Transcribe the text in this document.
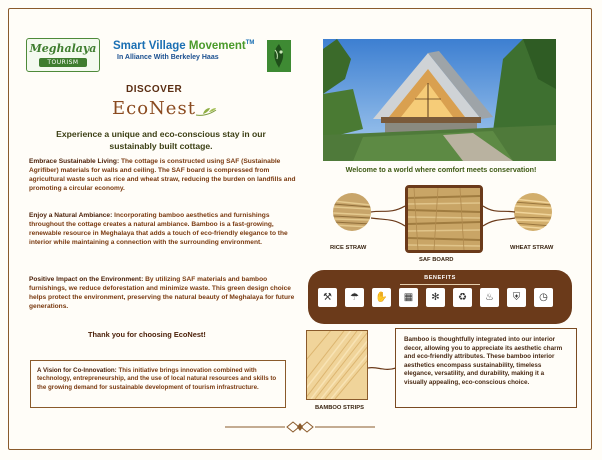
Meghalaya
TOURISM
Smart Village Movement™
In Alliance With Berkeley Haas
DISCOVER
EcoNest
Experience a unique and eco-conscious stay in our sustainably built cottage.
Embrace Sustainable Living: The cottage is constructed using SAF (Sustainable Agrifiber) materials for walls and ceiling. The SAF board is compressed from agricultural waste such as rice and wheat straw, reducing the burden on landfills and promoting a circular economy.
Enjoy a Natural Ambiance: Incorporating bamboo aesthetics and furnishings throughout the cottage creates a natural ambiance. Bamboo is a fast-growing, renewable resource in Meghalaya that adds a touch of eco-friendly elegance to the interior while maintaining a connection with the surrounding environment.
Positive Impact on the Environment: By utilizing SAF materials and bamboo furnishings, we reduce deforestation and minimize waste. This green design choice helps protect the environment, preserving the natural beauty of Meghalaya for future generations.
Thank you for choosing EcoNest!
A Vision for Co-Innovation: This initiative brings innovation combined with technology, entrepreneurship, and the use of local natural resources and skills to the growing demand for sustainable development of tourism infrastructure.
Welcome to a world where comfort meets conservation!
RICE STRAW
SAF BOARD
WHEAT STRAW
BENEFITS
⚒	☂	✋	▦	✻	♻	♨	⛨	◷
BAMBOO STRIPS
Bamboo is thoughtfully integrated into our interior decor, allowing you to appreciate its aesthetic charm and eco-friendly attributes. These bamboo interior aesthetics encompass sustainability, timeless elegance, versatility, and durability, making it a visually appealing, eco-conscious choice.
